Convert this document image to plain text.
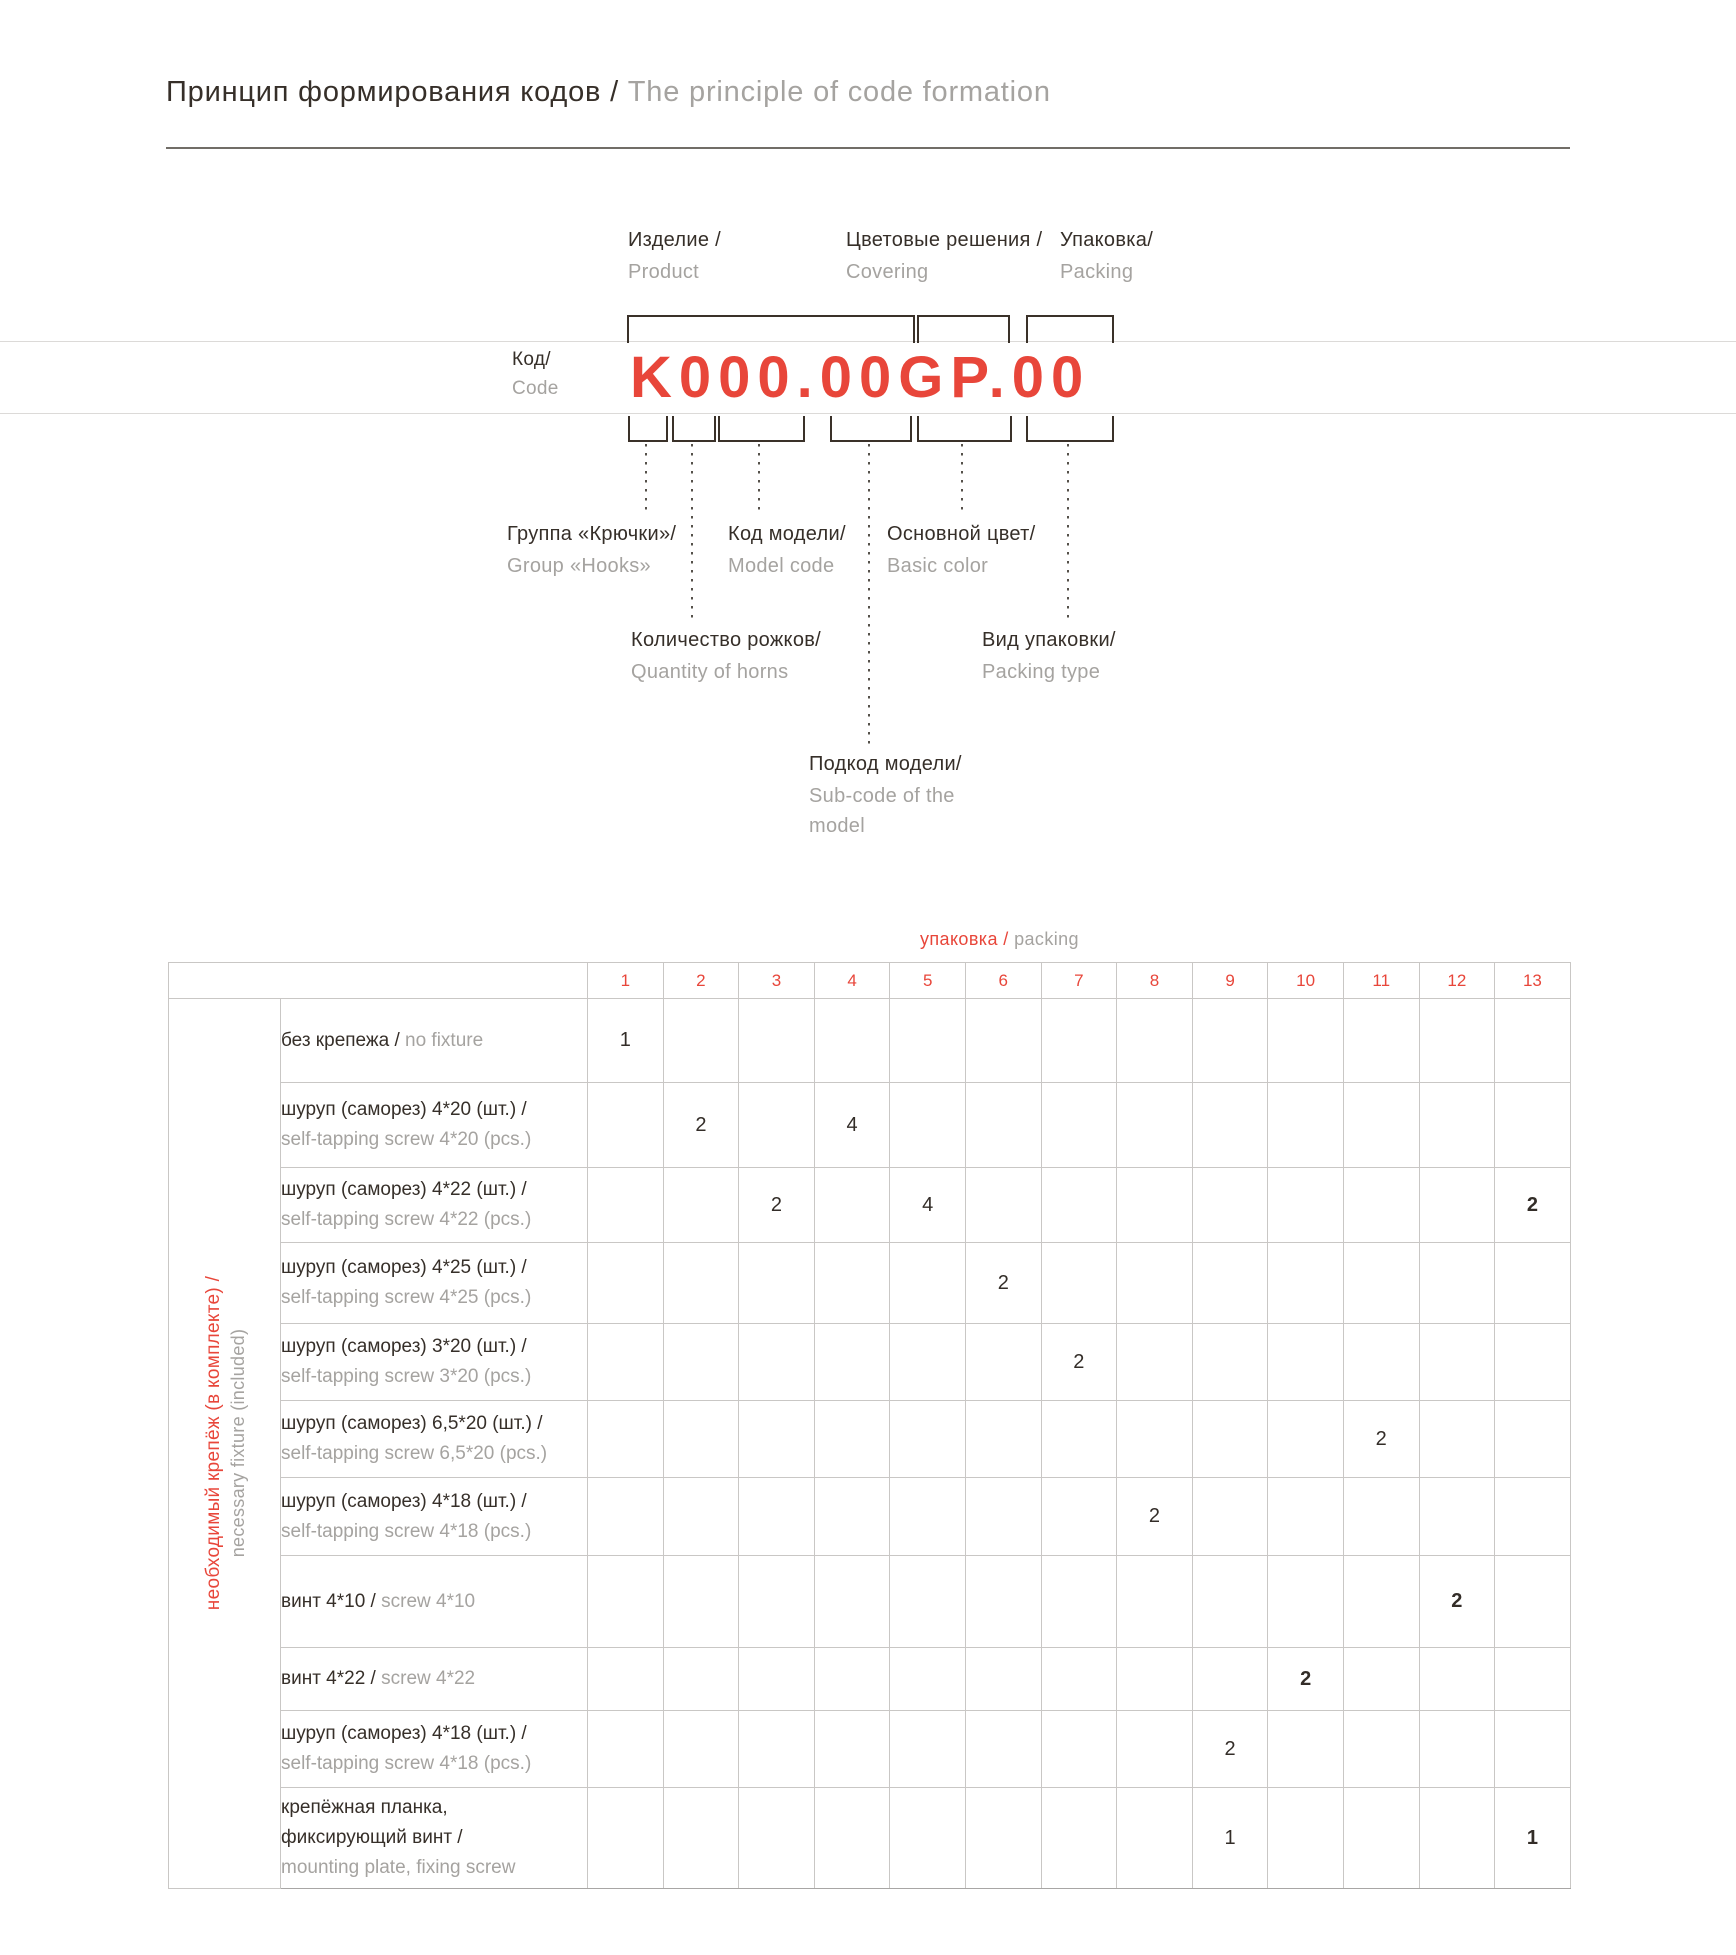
Принцип формирования кодов / The principle of code formation
Изделие /
Product
Цветовые решения /
Covering
Упаковка/
Packing
Код/
Code K000.00GP.00
Группа «Крючки»/
Group «Hooks»
Код модели/
Model code
Основной цвет/
Basic color
Количество рожков/
Quantity of horns
Вид упаковки/
Packing type
Подкод модели/
Sub-code of the
model
упаковка / packing
		1	2	3	4	5	6	7	8	9	10	11	12	13

	без крепежа / no fixture	1												

	шуруп (саморез) 4*20 (шт.) /
self-tapping screw 4*20 (pcs.)		2		4									

	шуруп (саморез) 4*22 (шт.) /
self-tapping screw 4*22 (pcs.)			2		4								2

	шуруп (саморез) 4*25 (шт.) /
self-tapping screw 4*25 (pcs.)						2							

	шуруп (саморез) 3*20 (шт.) /
self-tapping screw 3*20 (pcs.)							2						

	шуруп (саморез) 6,5*20 (шт.) /
self-tapping screw 6,5*20 (pcs.)											2		

	шуруп (саморез) 4*18 (шт.) /
self-tapping screw 4*18 (pcs.)								2					

	винт 4*10 / screw 4*10												2	

	винт 4*22 / screw 4*22										2			

	шуруп (саморез) 4*18 (шт.) /
self-tapping screw 4*18 (pcs.)									2				

	крепёжная планка,
фиксирующий винт /
mounting plate, fixing screw									1				1
необходимый крепёж (в комплекте) / necessary fixture (included)
